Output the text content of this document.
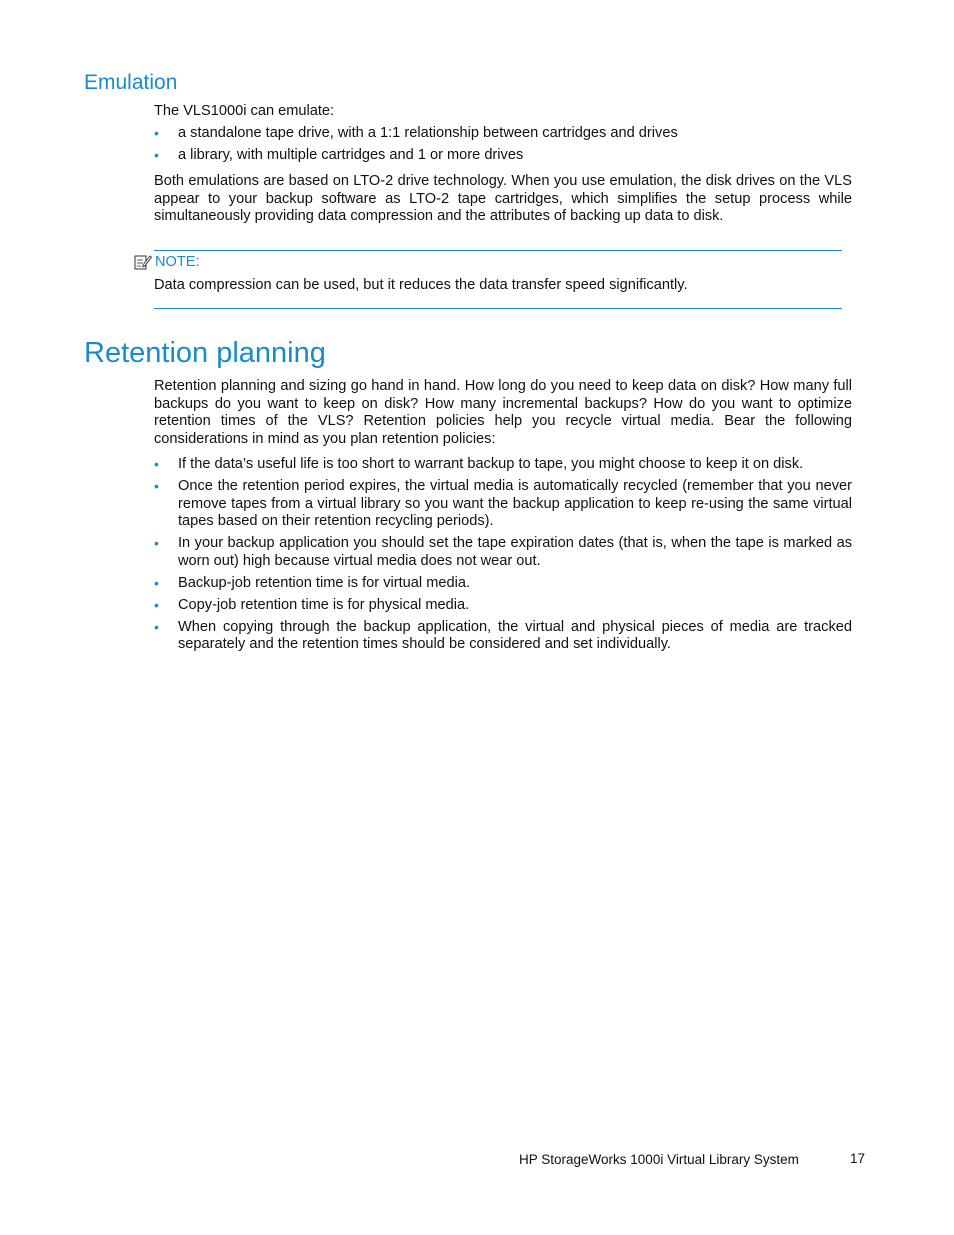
Emulation

The VLS1000i can emulate:

• a standalone tape drive, with a 1:1 relationship between cartridges and drives
• a library, with multiple cartridges and 1 or more drives

Both emulations are based on LTO-2 drive technology. When you use emulation, the disk drives on the VLS appear to your backup software as LTO-2 tape cartridges, which simplifies the setup process while simultaneously providing data compression and the attributes of backing up data to disk.

NOTE:

Data compression can be used, but it reduces the data transfer speed significantly.

Retention planning

Retention planning and sizing go hand in hand. How long do you need to keep data on disk? How many full backups do you want to keep on disk? How many incremental backups? How do you want to optimize retention times of the VLS? Retention policies help you recycle virtual media. Bear the following considerations in mind as you plan retention policies:

• If the data’s useful life is too short to warrant backup to tape, you might choose to keep it on disk.
• Once the retention period expires, the virtual media is automatically recycled (remember that you never remove tapes from a virtual library so you want the backup application to keep re-using the same virtual tapes based on their retention recycling periods).
• In your backup application you should set the tape expiration dates (that is, when the tape is marked as worn out) high because virtual media does not wear out.
• Backup-job retention time is for virtual media.
• Copy-job retention time is for physical media.
• When copying through the backup application, the virtual and physical pieces of media are tracked separately and the retention times should be considered and set individually.
HP StorageWorks 1000i Virtual Library System	17
